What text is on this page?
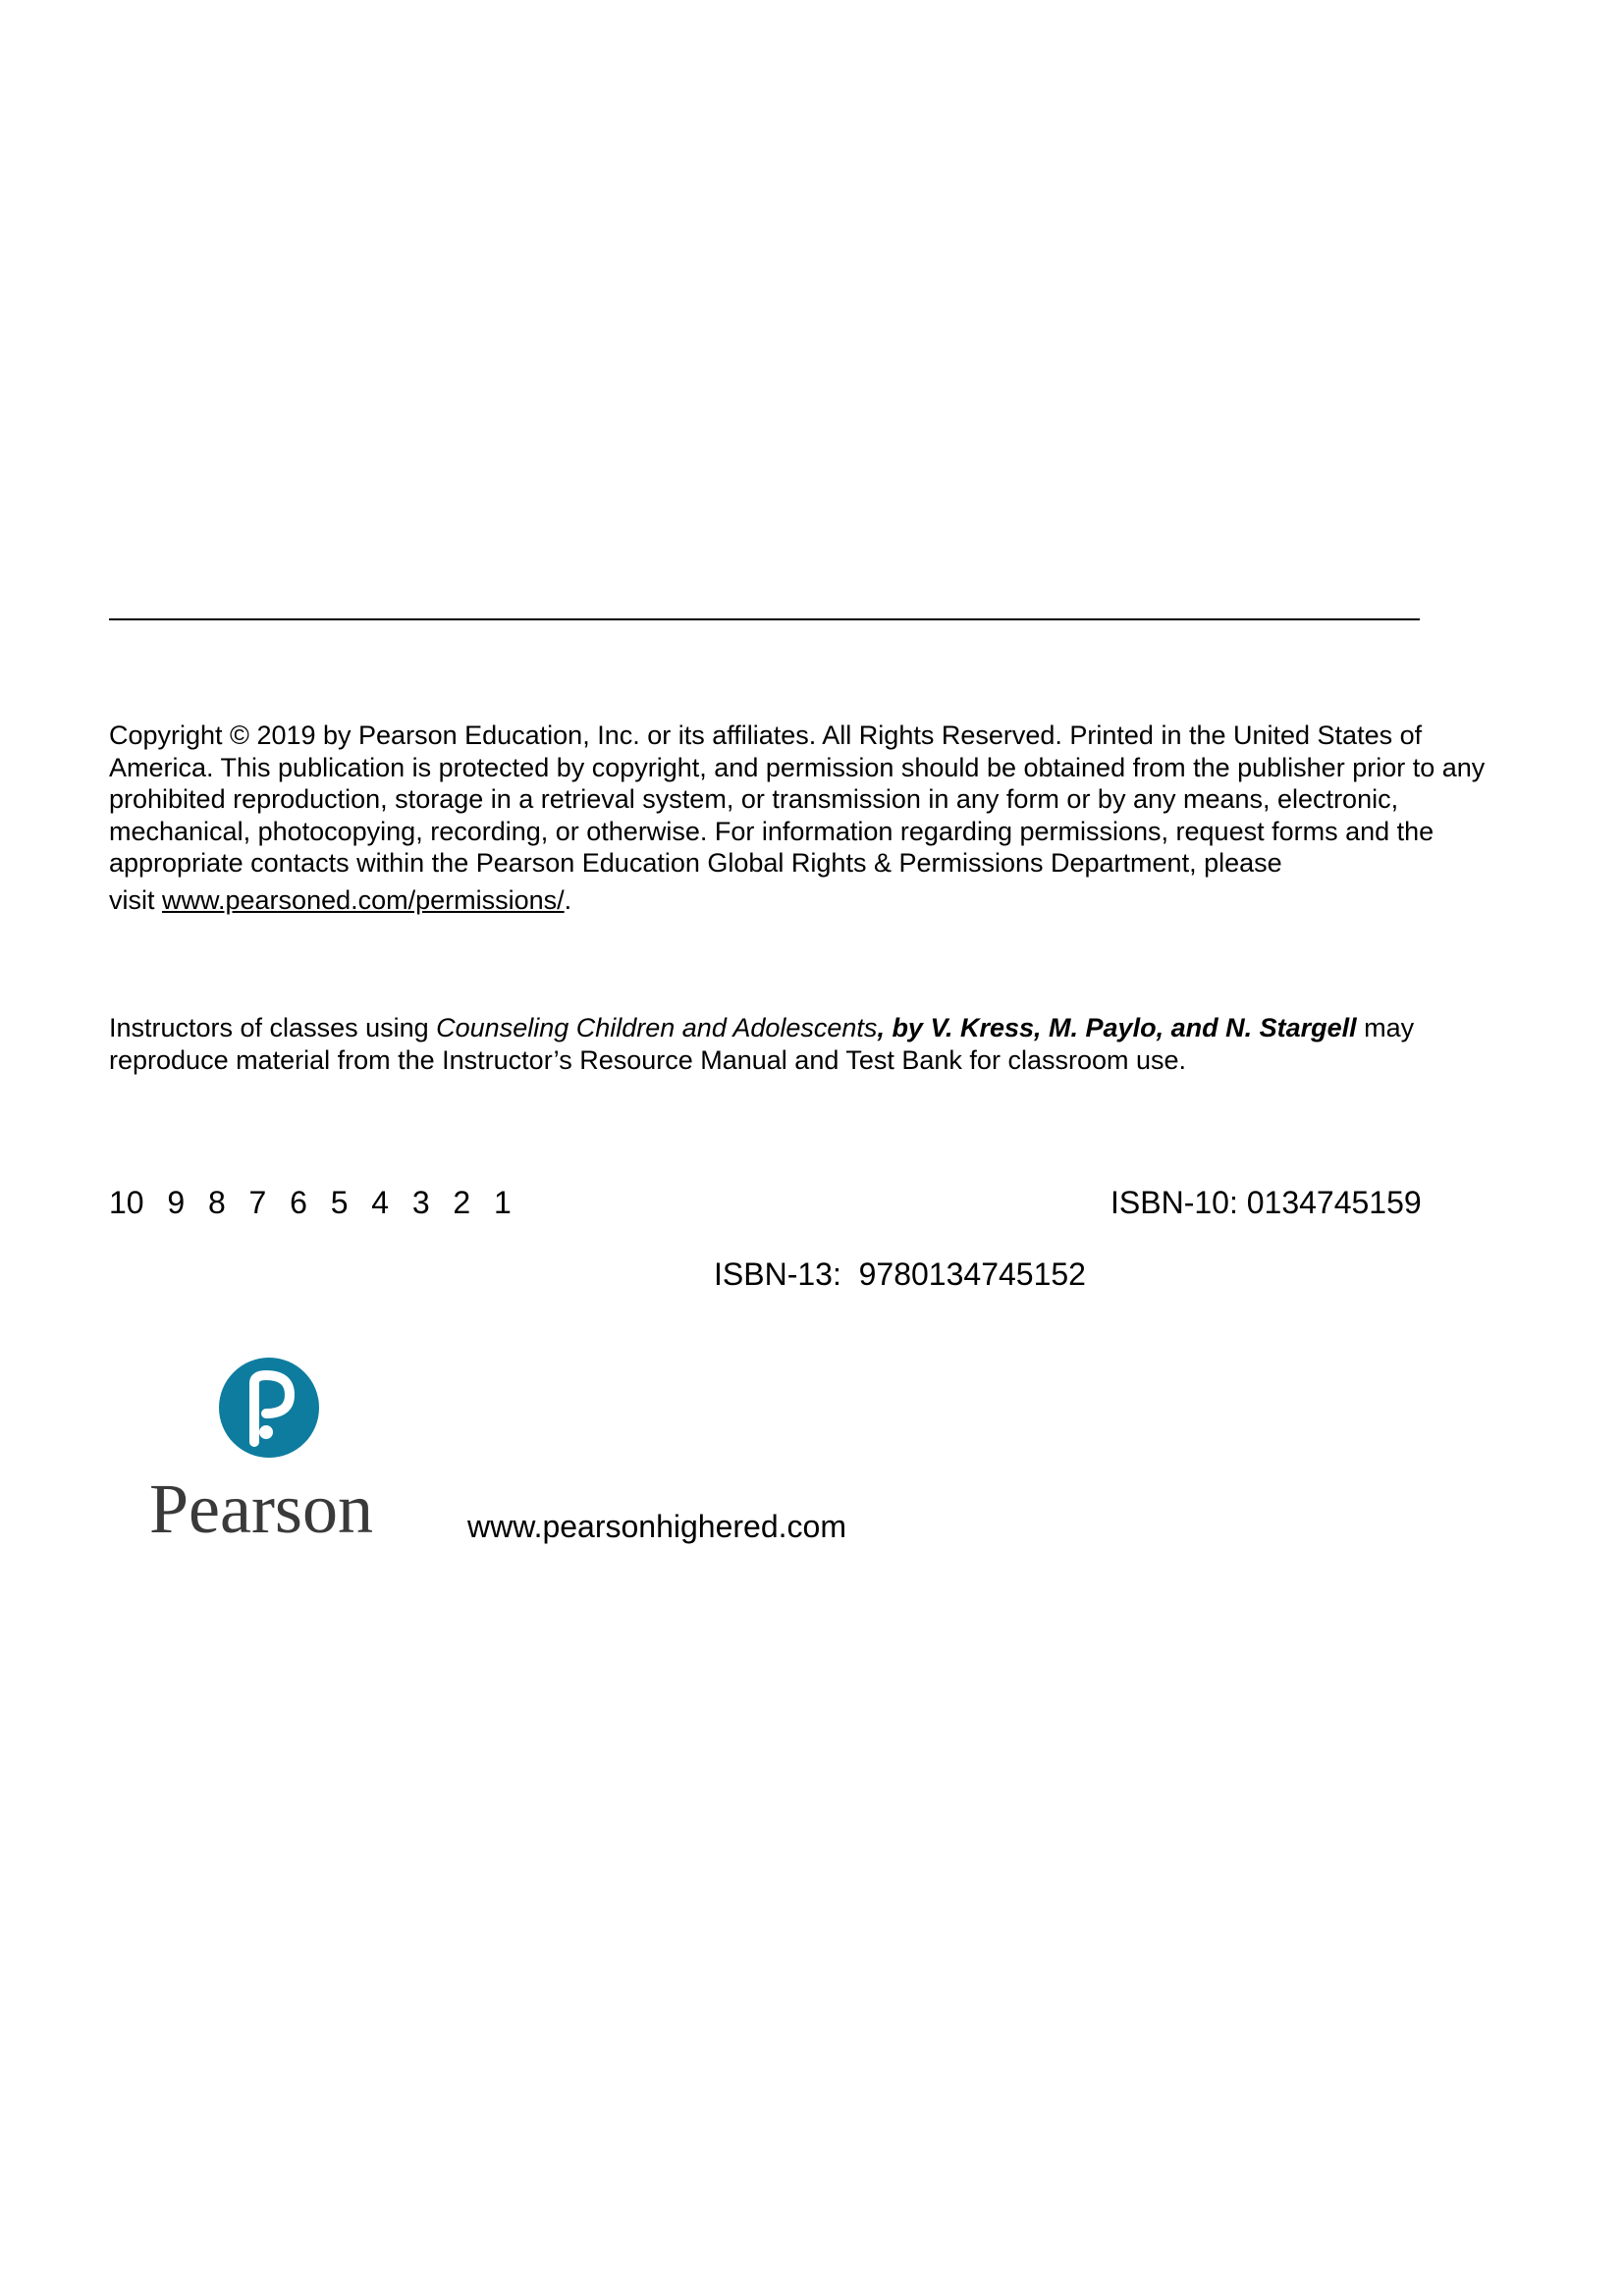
Copyright © 2019 by Pearson Education, Inc. or its affiliates. All Rights Reserved. Printed in the United States of America. This publication is protected by copyright, and permission should be obtained from the publisher prior to any prohibited reproduction, storage in a retrieval system, or transmission in any form or by any means, electronic, mechanical, photocopying, recording, or otherwise. For information regarding permissions, request forms and the appropriate contacts within the Pearson Education Global Rights & Permissions Department, please
visit www.pearsoned.com/permissions/.
Instructors of classes using Counseling Children and Adolescents, by V. Kress, M. Paylo, and N. Stargell may reproduce material from the Instructor’s Resource Manual and Test Bank for classroom use.
10  9  8  7  6  5  4  3  2  1	ISBN-10: 0134745159
ISBN-13:  9780134745152
Pearson	www.pearsonhighered.com
